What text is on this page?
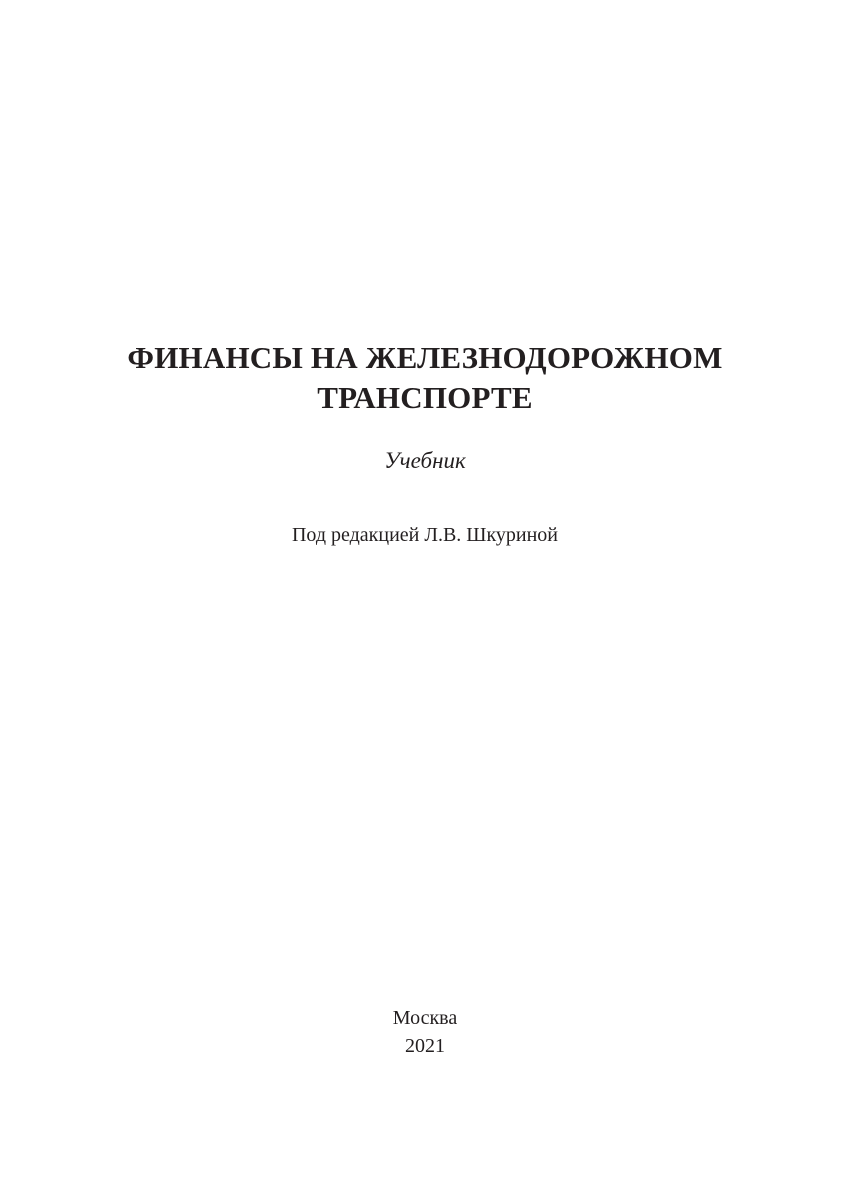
ФИНАНСЫ НА ЖЕЛЕЗНОДОРОЖНОМ
ТРАНСПОРТЕ
Учебник
Под редакцией Л.В. Шкуриной
Москва
2021
